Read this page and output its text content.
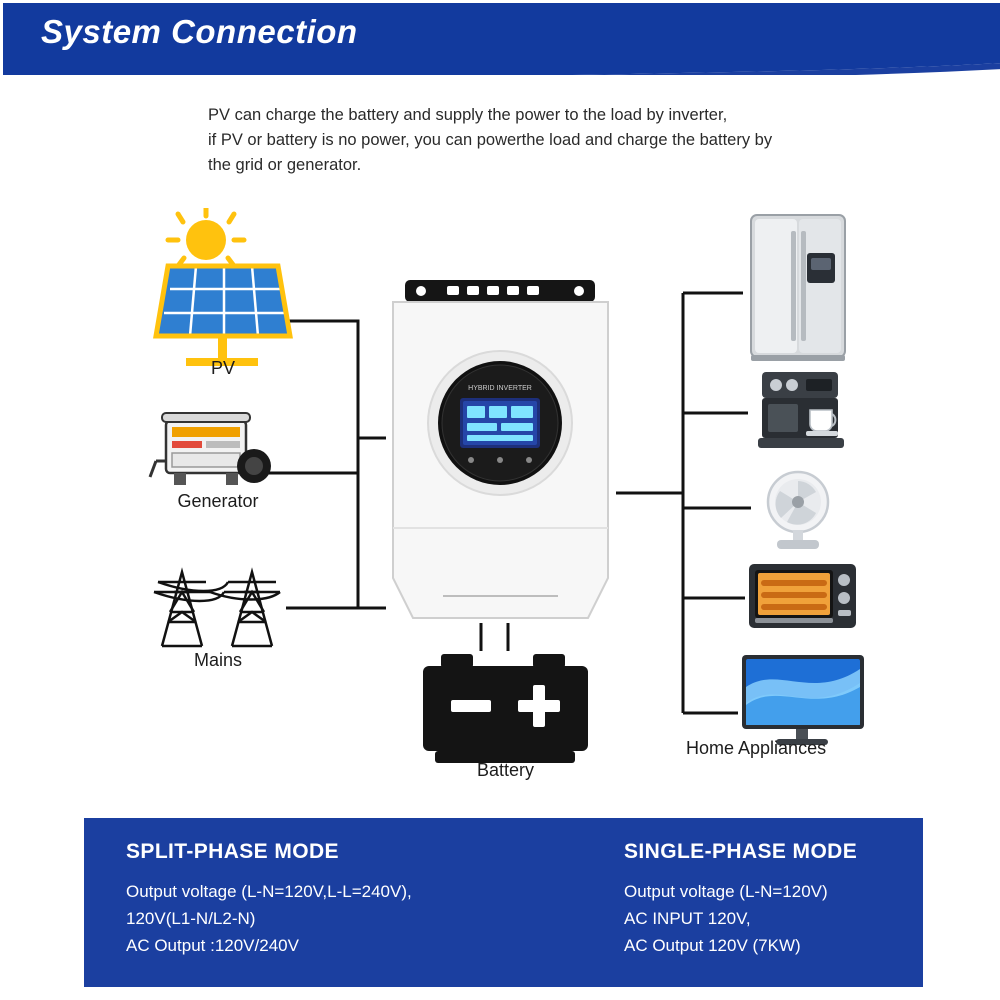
System Connection
PV can charge the battery and supply the power to the load by inverter,
if PV or battery is no power, you can powerthe load and charge the battery by
the grid or generator.
PV
Generator
Mains
HYBRID INVERTER
Battery
Home Appliances
SPLIT-PHASE MODE
Output voltage (L-N=120V,L-L=240V),
120V(L1-N/L2-N)
AC Output :120V/240V
SINGLE-PHASE MODE
Output voltage (L-N=120V)
AC INPUT 120V,
AC Output 120V (7KW)
